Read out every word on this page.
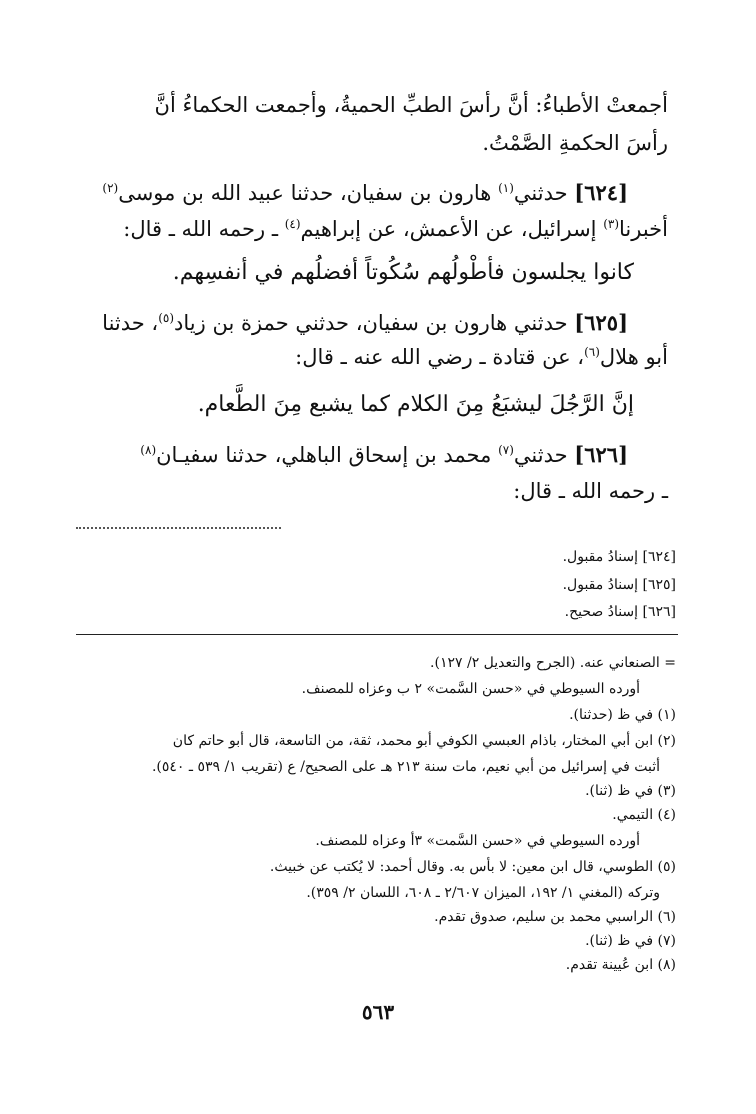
أجمعتْ الأطباءُ: أنَّ رأسَ الطبِّ الحميةُ، وأجمعت الحكماءُ أنَّ
رأسَ الحكمةِ الصَّمْتُ.
[٦٢٤] حدثني$^{(١)}$ هارون بن سفيان، حدثنا عبيد الله بن موسى$^{(٢)}$
أخبرنا$^{(٣)}$ إسرائيل، عن الأعمش، عن إبراهيم$^{(٤)}$ ـ رحمه الله ـ قال:
كانوا يجلسون فأطْولُهم سُكُوتاً أفضلُهم في أنفسِهم.
[٦٢٥] حدثني هارون بن سفيان، حدثني حمزة بن زياد$^{(٥)}$، حدثنا
أبو هلال$^{(٦)}$، عن قتادة ـ رضي الله عنه ـ قال:
إنَّ الرَّجُلَ ليشبَعُ مِنَ الكلام كما يشبع مِنَ الطَّعام.
[٦٢٦] حدثني$^{(٧)}$ محمد بن إسحاق الباهلي، حدثنا سفيـان$^{(٨)}$
ـ رحمه الله ـ قال:
[٦٢٤] إسنادُ مقبول.
[٦٢٥] إسنادُ مقبول.
[٦٢٦] إسنادُ صحيح.
= الصنعاني عنه. (الجرح والتعديل ٢/ ١٢٧).
أورده السيوطي في «حسن السَّمت» ٢ ب وعزاه للمصنف.
(١) في ظ (حدثنا).
(٢) ابن أبي المختار، باذام العبسي الكوفي أبو محمد، ثقة، من التاسعة، قال أبو حاتم كان
أثبت في إسرائيل من أبي نعيم، مات سنة ٢١٣ هـ على الصحيح/ ع (تقريب ١/ ٥٣٩ ـ ٥٤٠).
(٣) في ظ (ثنا).
(٤) التيمي.
أورده السيوطي في «حسن السَّمت» ٣أ وعزاه للمصنف.
(٥) الطوسي، قال ابن معين: لا بأس به. وقال أحمد: لا يُكتب عن خبيث.
وتركه (المغني ١/ ١٩٢، الميزان ٢/٦٠٧ ـ ٦٠٨، اللسان ٢/ ٣٥٩).
(٦) الراسبي محمد بن سليم، صدوق تقدم.
(٧) في ظ (ثنا).
(٨) ابن عُيينة تقدم.
٥٦٣
